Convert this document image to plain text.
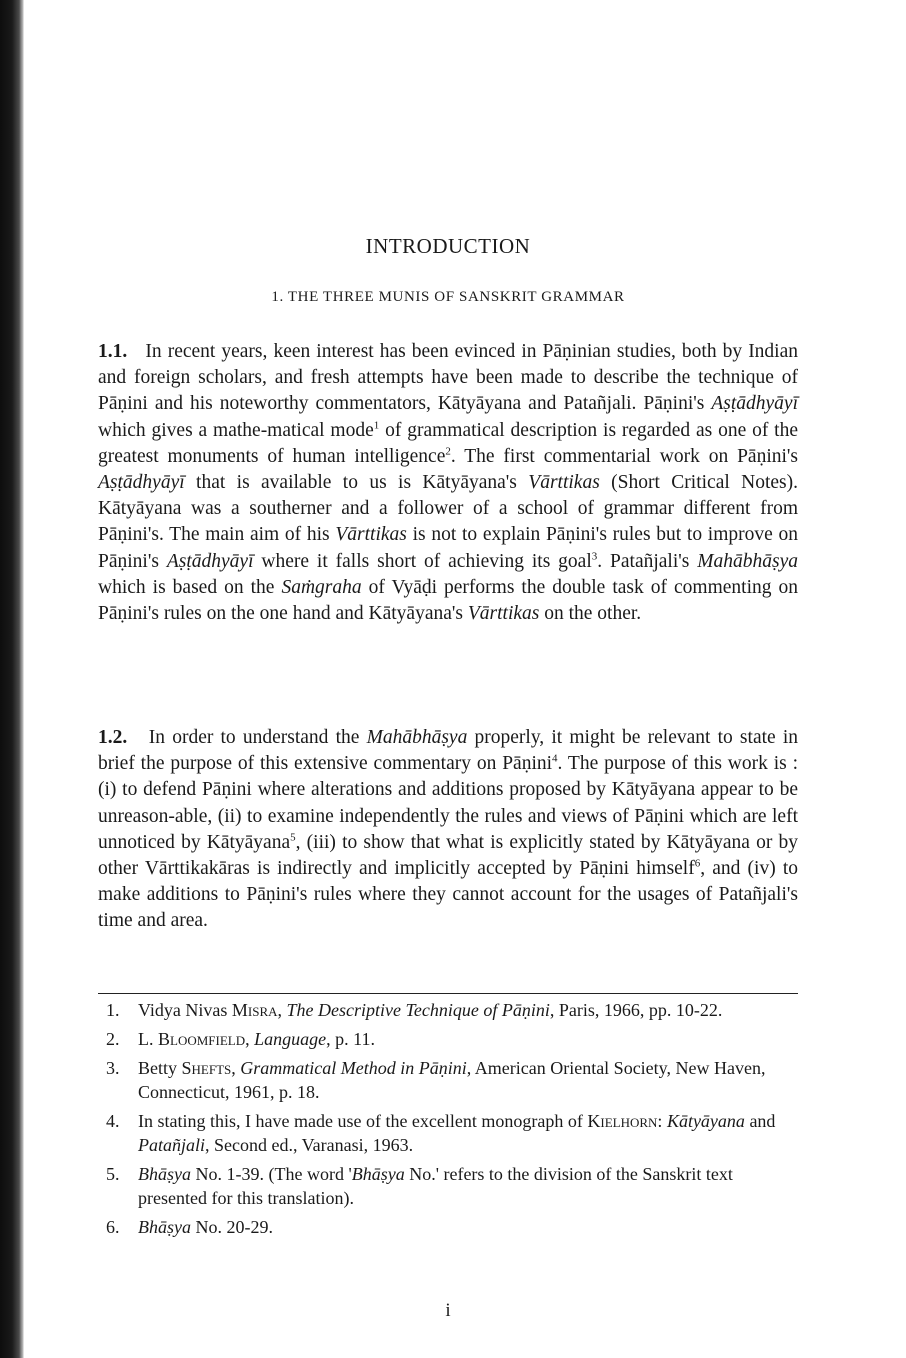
INTRODUCTION
1. THE THREE MUNIS OF SANSKRIT GRAMMAR

1.1. In recent years, keen interest has been evinced in Pāṇinian studies, both by Indian and foreign scholars, and fresh attempts have been made to describe the technique of Pāṇini and his noteworthy commentators, Kātyāyana and Patañjali. Pāṇini's Aṣṭādhyāyī which gives a mathe-matical mode$^1$ of grammatical description is regarded as one of the greatest monuments of human intelligence$^2$. The first commentarial work on Pāṇini's Aṣṭādhyāyī that is available to us is Kātyāyana's Vārttikas (Short Critical Notes). Kātyāyana was a southerner and a follower of a school of grammar different from Pāṇini's. The main aim of his Vārttikas is not to explain Pāṇini's rules but to improve on Pāṇini's Aṣṭādhyāyī where it falls short of achieving its goal$^3$. Patañjali's Mahābhāṣya which is based on the Saṁgraha of Vyāḍi performs the double task of commenting on Pāṇini's rules on the one hand and Kātyāyana's Vārttikas on the other.

1.2. In order to understand the Mahābhāṣya properly, it might be relevant to state in brief the purpose of this extensive commentary on Pāṇini$^4$. The purpose of this work is : (i) to defend Pāṇini where alterations and additions proposed by Kātyāyana appear to be unreason-able, (ii) to examine independently the rules and views of Pāṇini which are left unnoticed by Kātyāyana$^5$, (iii) to show that what is explicitly stated by Kātyāyana or by other Vārttikakāras is indirectly and implicitly accepted by Pāṇini himself$^6$, and (iv) to make additions to Pāṇini's rules where they cannot account for the usages of Patañjali's time and area.

1.	Vidya Nivas Misra, The Descriptive Technique of Pāṇini, Paris, 1966, pp. 10-22.
2.	L. Bloomfield, Language, p. 11.
3.	Betty Shefts, Grammatical Method in Pāṇini, American Oriental Society, New Haven, Connecticut, 1961, p. 18.
4.	In stating this, I have made use of the excellent monograph of Kielhorn: Kātyāyana and Patañjali, Second ed., Varanasi, 1963.
5.	Bhāṣya No. 1-39. (The word 'Bhāṣya No.' refers to the division of the Sanskrit text presented for this translation).
6.	Bhāṣya No. 20-29.
i
